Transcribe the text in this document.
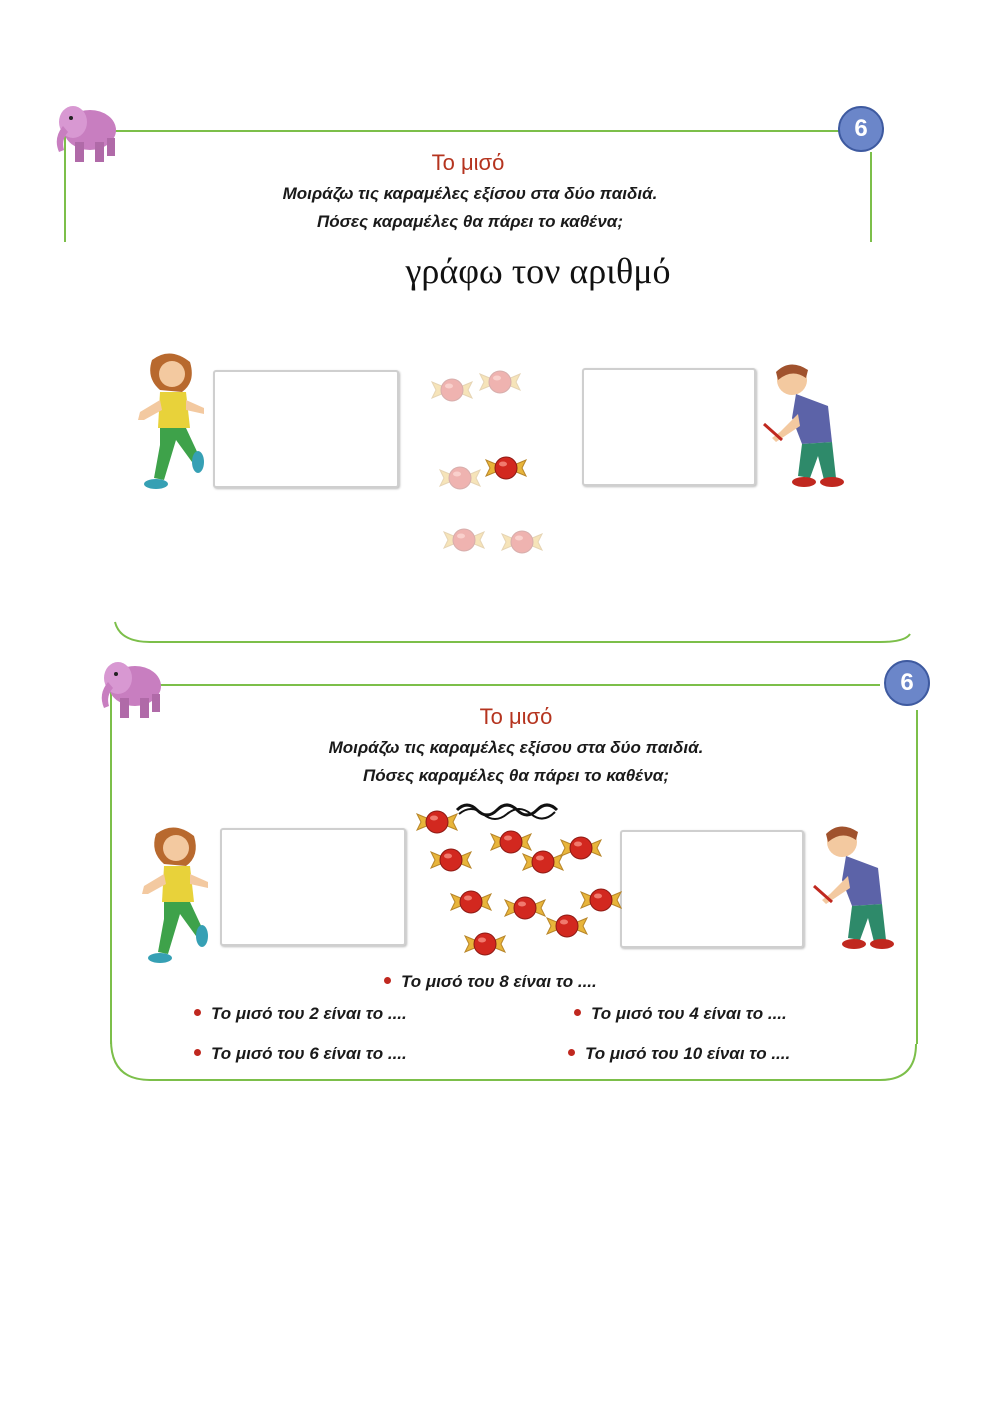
6
Το μισό
Μοιράζω τις καραμέλες εξίσου στα δύο παιδιά.
Πόσες καραμέλες θα πάρει το καθένα;
γράφω τον αριθμό
6
Το μισό
Μοιράζω τις καραμέλες εξίσου στα δύο παιδιά.
Πόσες καραμέλες θα πάρει το καθένα;
Το μισό του 8 είναι το ....
Το μισό του 2 είναι το ....	Το μισό του 4 είναι το ....
Το μισό του 6 είναι το ....	Το μισό του 10 είναι το ....
